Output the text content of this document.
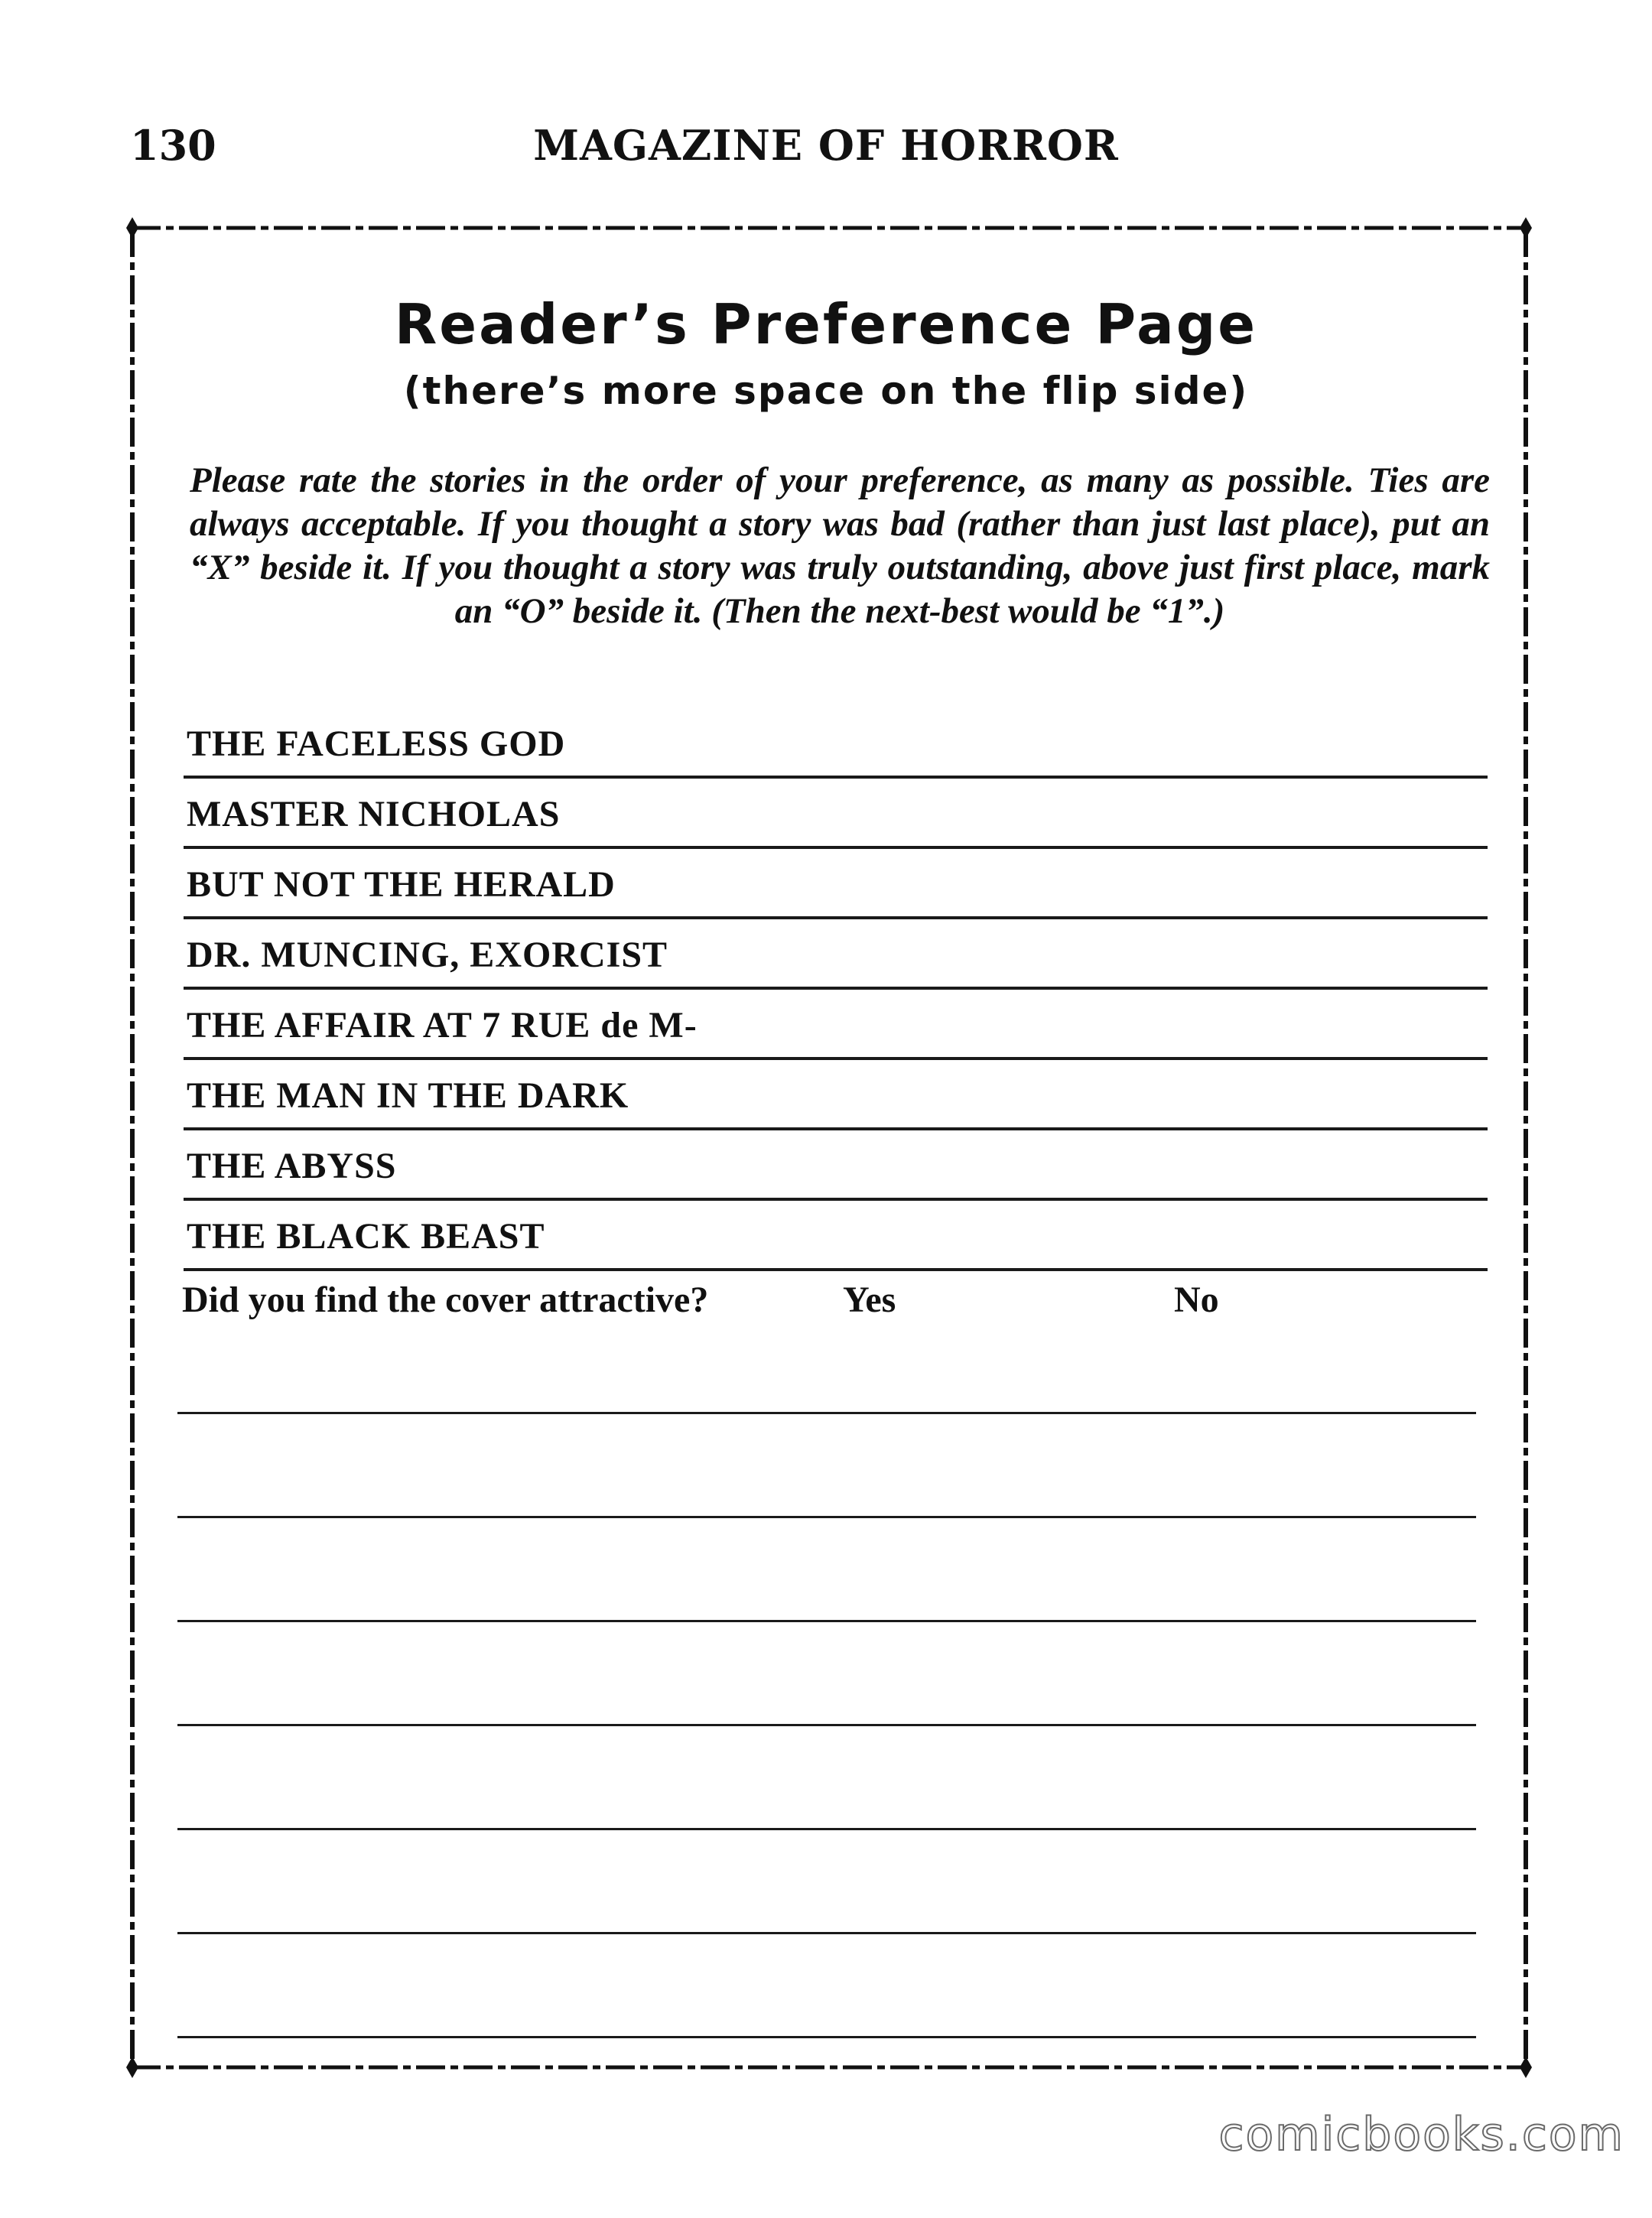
130	MAGAZINE OF HORROR
Reader’s Preference Page
(there’s more space on the flip side)
Please rate the stories in the order of your preference, as many as possible. Ties are always acceptable. If you thought a story was bad (rather than just last place), put an “X” beside it. If you thought a story was truly outstanding, above just first place, mark an “O” beside it. (Then the next-best would be “1”.)
THE FACELESS GOD
MASTER NICHOLAS
BUT NOT THE HERALD
DR. MUNCING, EXORCIST
THE AFFAIR AT 7 RUE de M-
THE MAN IN THE DARK
THE ABYSS
THE BLACK BEAST
Did you find the cover attractive?	Yes	No
comicbooks.com
